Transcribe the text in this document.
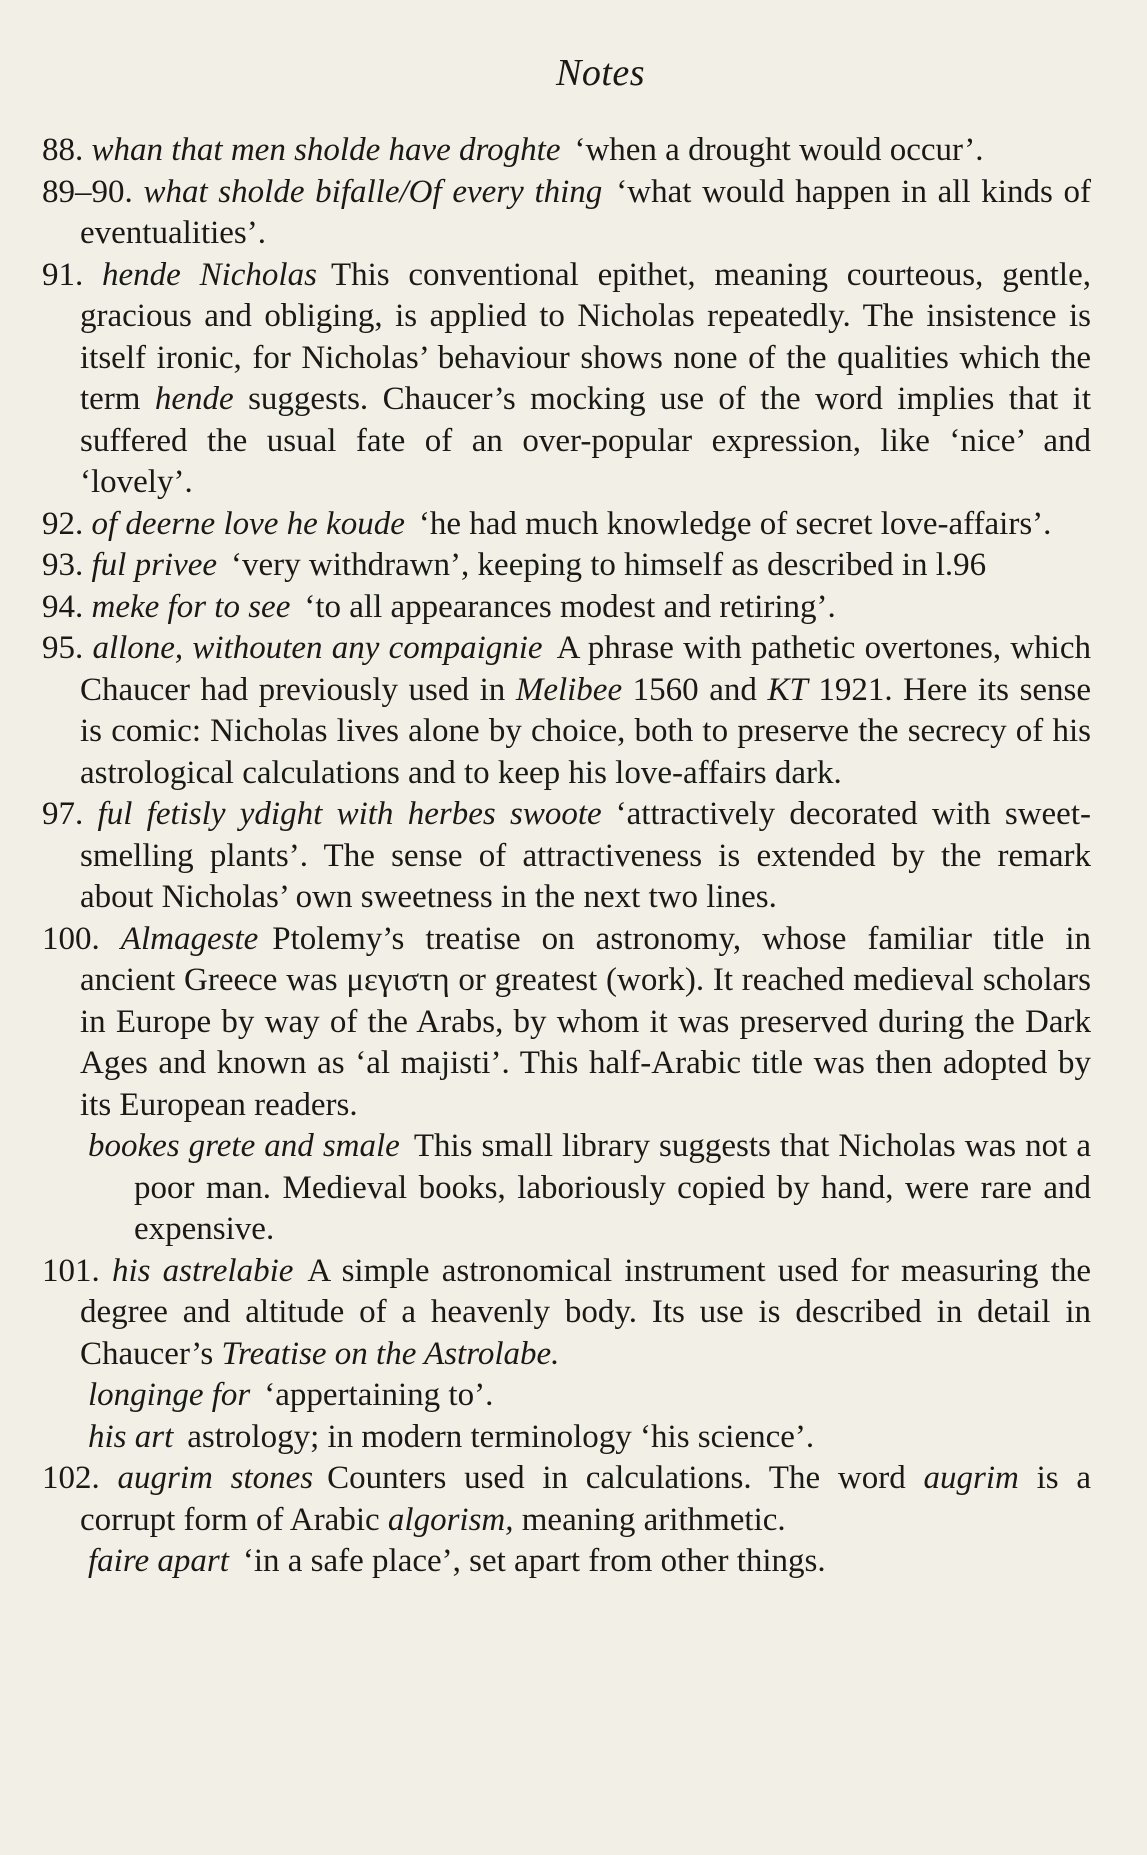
Notes

88. whan that men sholde have droghte ‘when a drought would occur’.

89–90. what sholde bifalle/Of every thing ‘what would happen in all kinds of eventualities’.

91. hende Nicholas This conventional epithet, meaning courteous, gentle, gracious and obliging, is applied to Nicholas repeatedly. The insistence is itself ironic, for Nicholas’ behaviour shows none of the qualities which the term hende suggests. Chaucer’s mocking use of the word implies that it suffered the usual fate of an over-popular expression, like ‘nice’ and ‘lovely’.

92. of deerne love he koude ‘he had much knowledge of secret love-affairs’.

93. ful privee ‘very withdrawn’, keeping to himself as described in l.96

94. meke for to see ‘to all appearances modest and retiring’.

95. allone, withouten any compaignie A phrase with pathetic overtones, which Chaucer had previously used in Melibee 1560 and KT 1921. Here its sense is comic: Nicholas lives alone by choice, both to preserve the secrecy of his astrological calculations and to keep his love-affairs dark.

97. ful fetisly ydight with herbes swoote ‘attractively decorated with sweet-smelling plants’. The sense of attractiveness is extended by the remark about Nicholas’ own sweetness in the next two lines.

100. Almageste Ptolemy’s treatise on astronomy, whose familiar title in ancient Greece was μεγιστη or greatest (work). It reached medieval scholars in Europe by way of the Arabs, by whom it was preserved during the Dark Ages and known as ‘al majisti’. This half-Arabic title was then adopted by its European readers.

bookes grete and smale This small library suggests that Nicholas was not a poor man. Medieval books, laboriously copied by hand, were rare and expensive.

101. his astrelabie A simple astronomical instrument used for measuring the degree and altitude of a heavenly body. Its use is described in detail in Chaucer’s Treatise on the Astrolabe.

longinge for ‘appertaining to’.

his art astrology; in modern terminology ‘his science’.

102. augrim stones Counters used in calculations. The word augrim is a corrupt form of Arabic algorism, meaning arithmetic.

faire apart ‘in a safe place’, set apart from other things.
